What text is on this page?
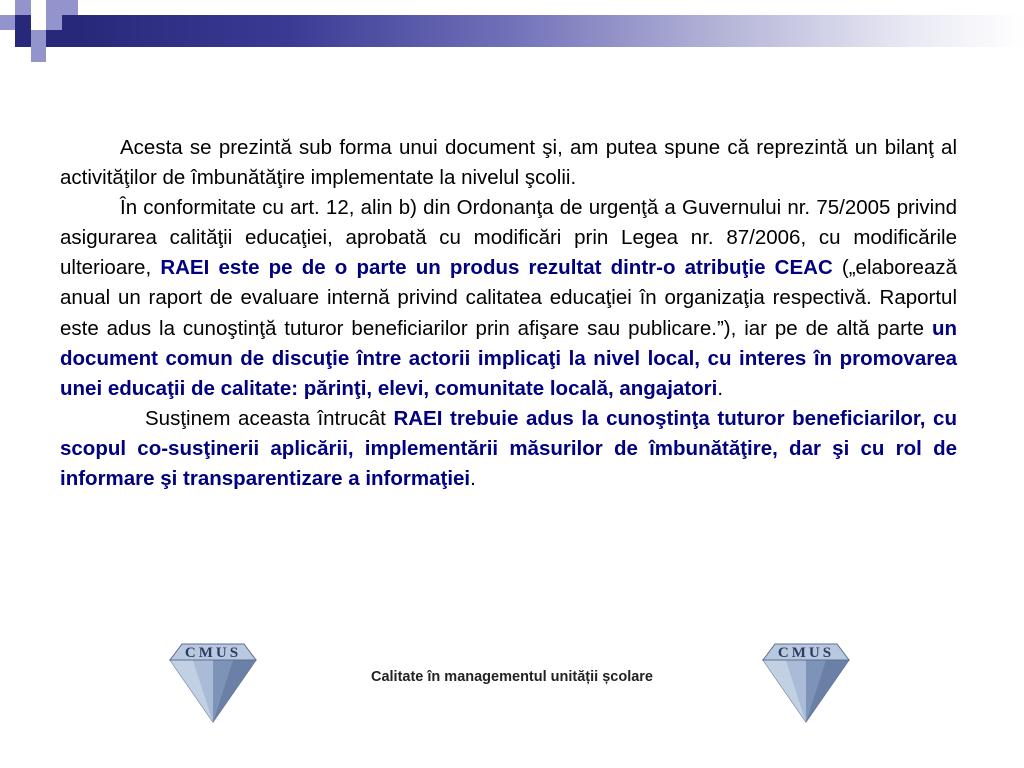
Acesta se prezintă sub forma unui document şi, am putea spune că reprezintă un bilanţ al activităţilor de îmbunătăţire implementate la nivelul şcolii.

În conformitate cu art. 12, alin b) din Ordonanţa de urgenţă a Guvernului nr. 75/2005 privind asigurarea calităţii educaţiei, aprobată cu modificări prin Legea nr. 87/2006, cu modificările ulterioare, RAEI este pe de o parte un produs rezultat dintr-o atribuţie CEAC („elaborează anual un raport de evaluare internă privind calitatea educaţiei în organizaţia respectivă. Raportul este adus la cunoştinţă tuturor beneficiarilor prin afişare sau publicare.”), iar pe de altă parte un document comun de discuţie între actorii implicaţi la nivel local, cu interes în promovarea unei educaţii de calitate: părinţi, elevi, comunitate locală, angajatori.

Susţinem aceasta întrucât RAEI trebuie adus la cunoştinţa tuturor beneficiarilor, cu scopul co-susţinerii aplicării, implementării măsurilor de îmbunătăţire, dar şi cu rol de informare şi transparentizare a informaţiei.

CMUS	CMUS
Calitate în managementul unității școlare
